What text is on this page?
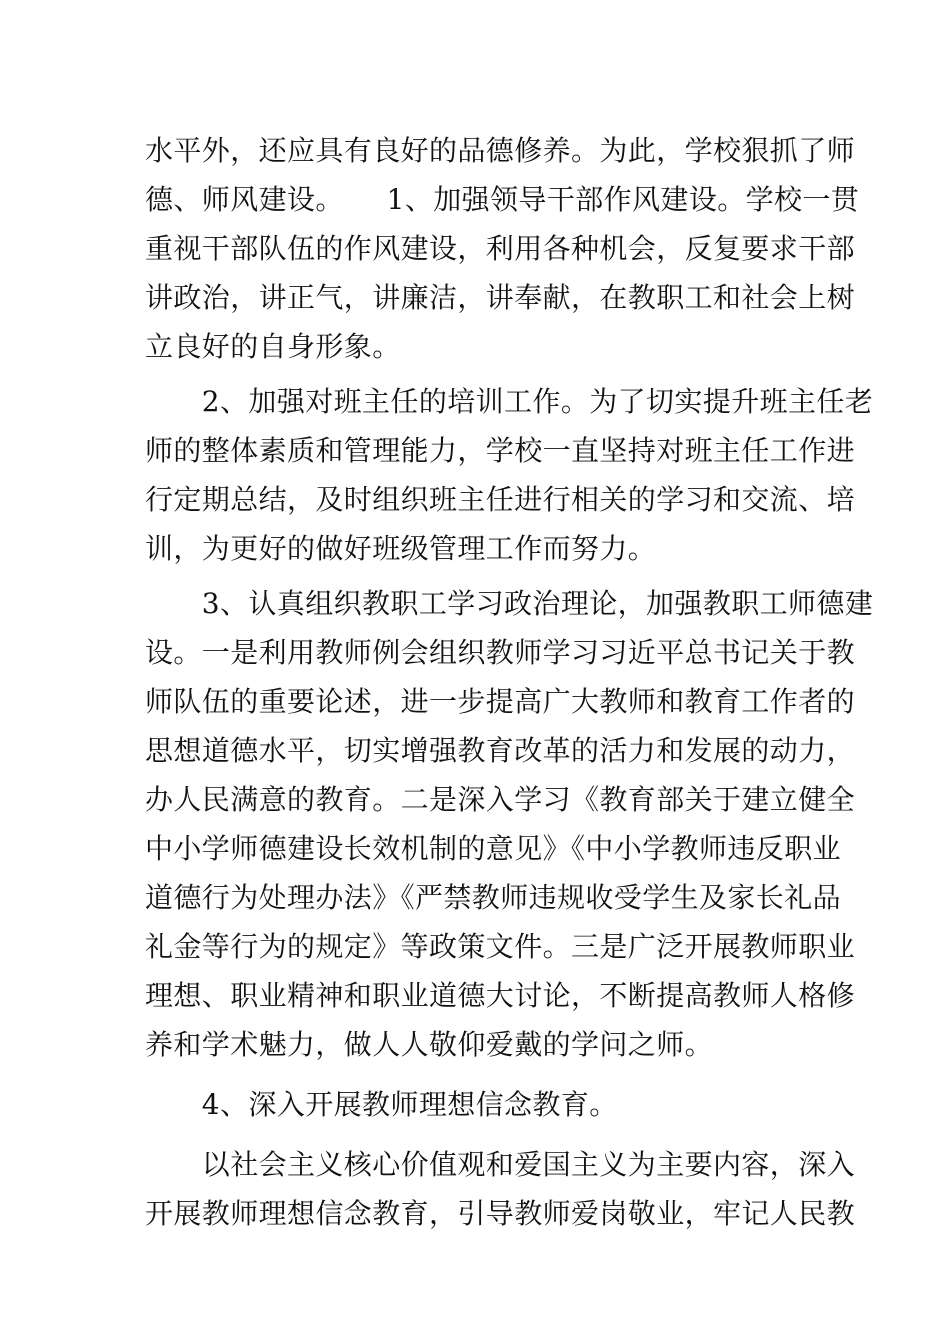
水平外，还应具有良好的品德修养。为此，学校狠抓了师
德、师风建设。　　1、加强领导干部作风建设。学校一贯
重视干部队伍的作风建设，利用各种机会，反复要求干部
讲政治，讲正气，讲廉洁，讲奉献，在教职工和社会上树
立良好的自身形象。
　　2、加强对班主任的培训工作。为了切实提升班主任老
师的整体素质和管理能力，学校一直坚持对班主任工作进
行定期总结，及时组织班主任进行相关的学习和交流、培
训，为更好的做好班级管理工作而努力。
　　3、认真组织教职工学习政治理论，加强教职工师德建
设。一是利用教师例会组织教师学习习近平总书记关于教
师队伍的重要论述，进一步提高广大教师和教育工作者的
思想道德水平，切实增强教育改革的活力和发展的动力，
办人民满意的教育。二是深入学习《教育部关于建立健全
中小学师德建设长效机制的意见》《中小学教师违反职业
道德行为处理办法》《严禁教师违规收受学生及家长礼品
礼金等行为的规定》等政策文件。三是广泛开展教师职业
理想、职业精神和职业道德大讨论，不断提高教师人格修
养和学术魅力，做人人敬仰爱戴的学问之师。
　　4、深入开展教师理想信念教育。
　　以社会主义核心价值观和爱国主义为主要内容，深入
开展教师理想信念教育，引导教师爱岗敬业，牢记人民教
